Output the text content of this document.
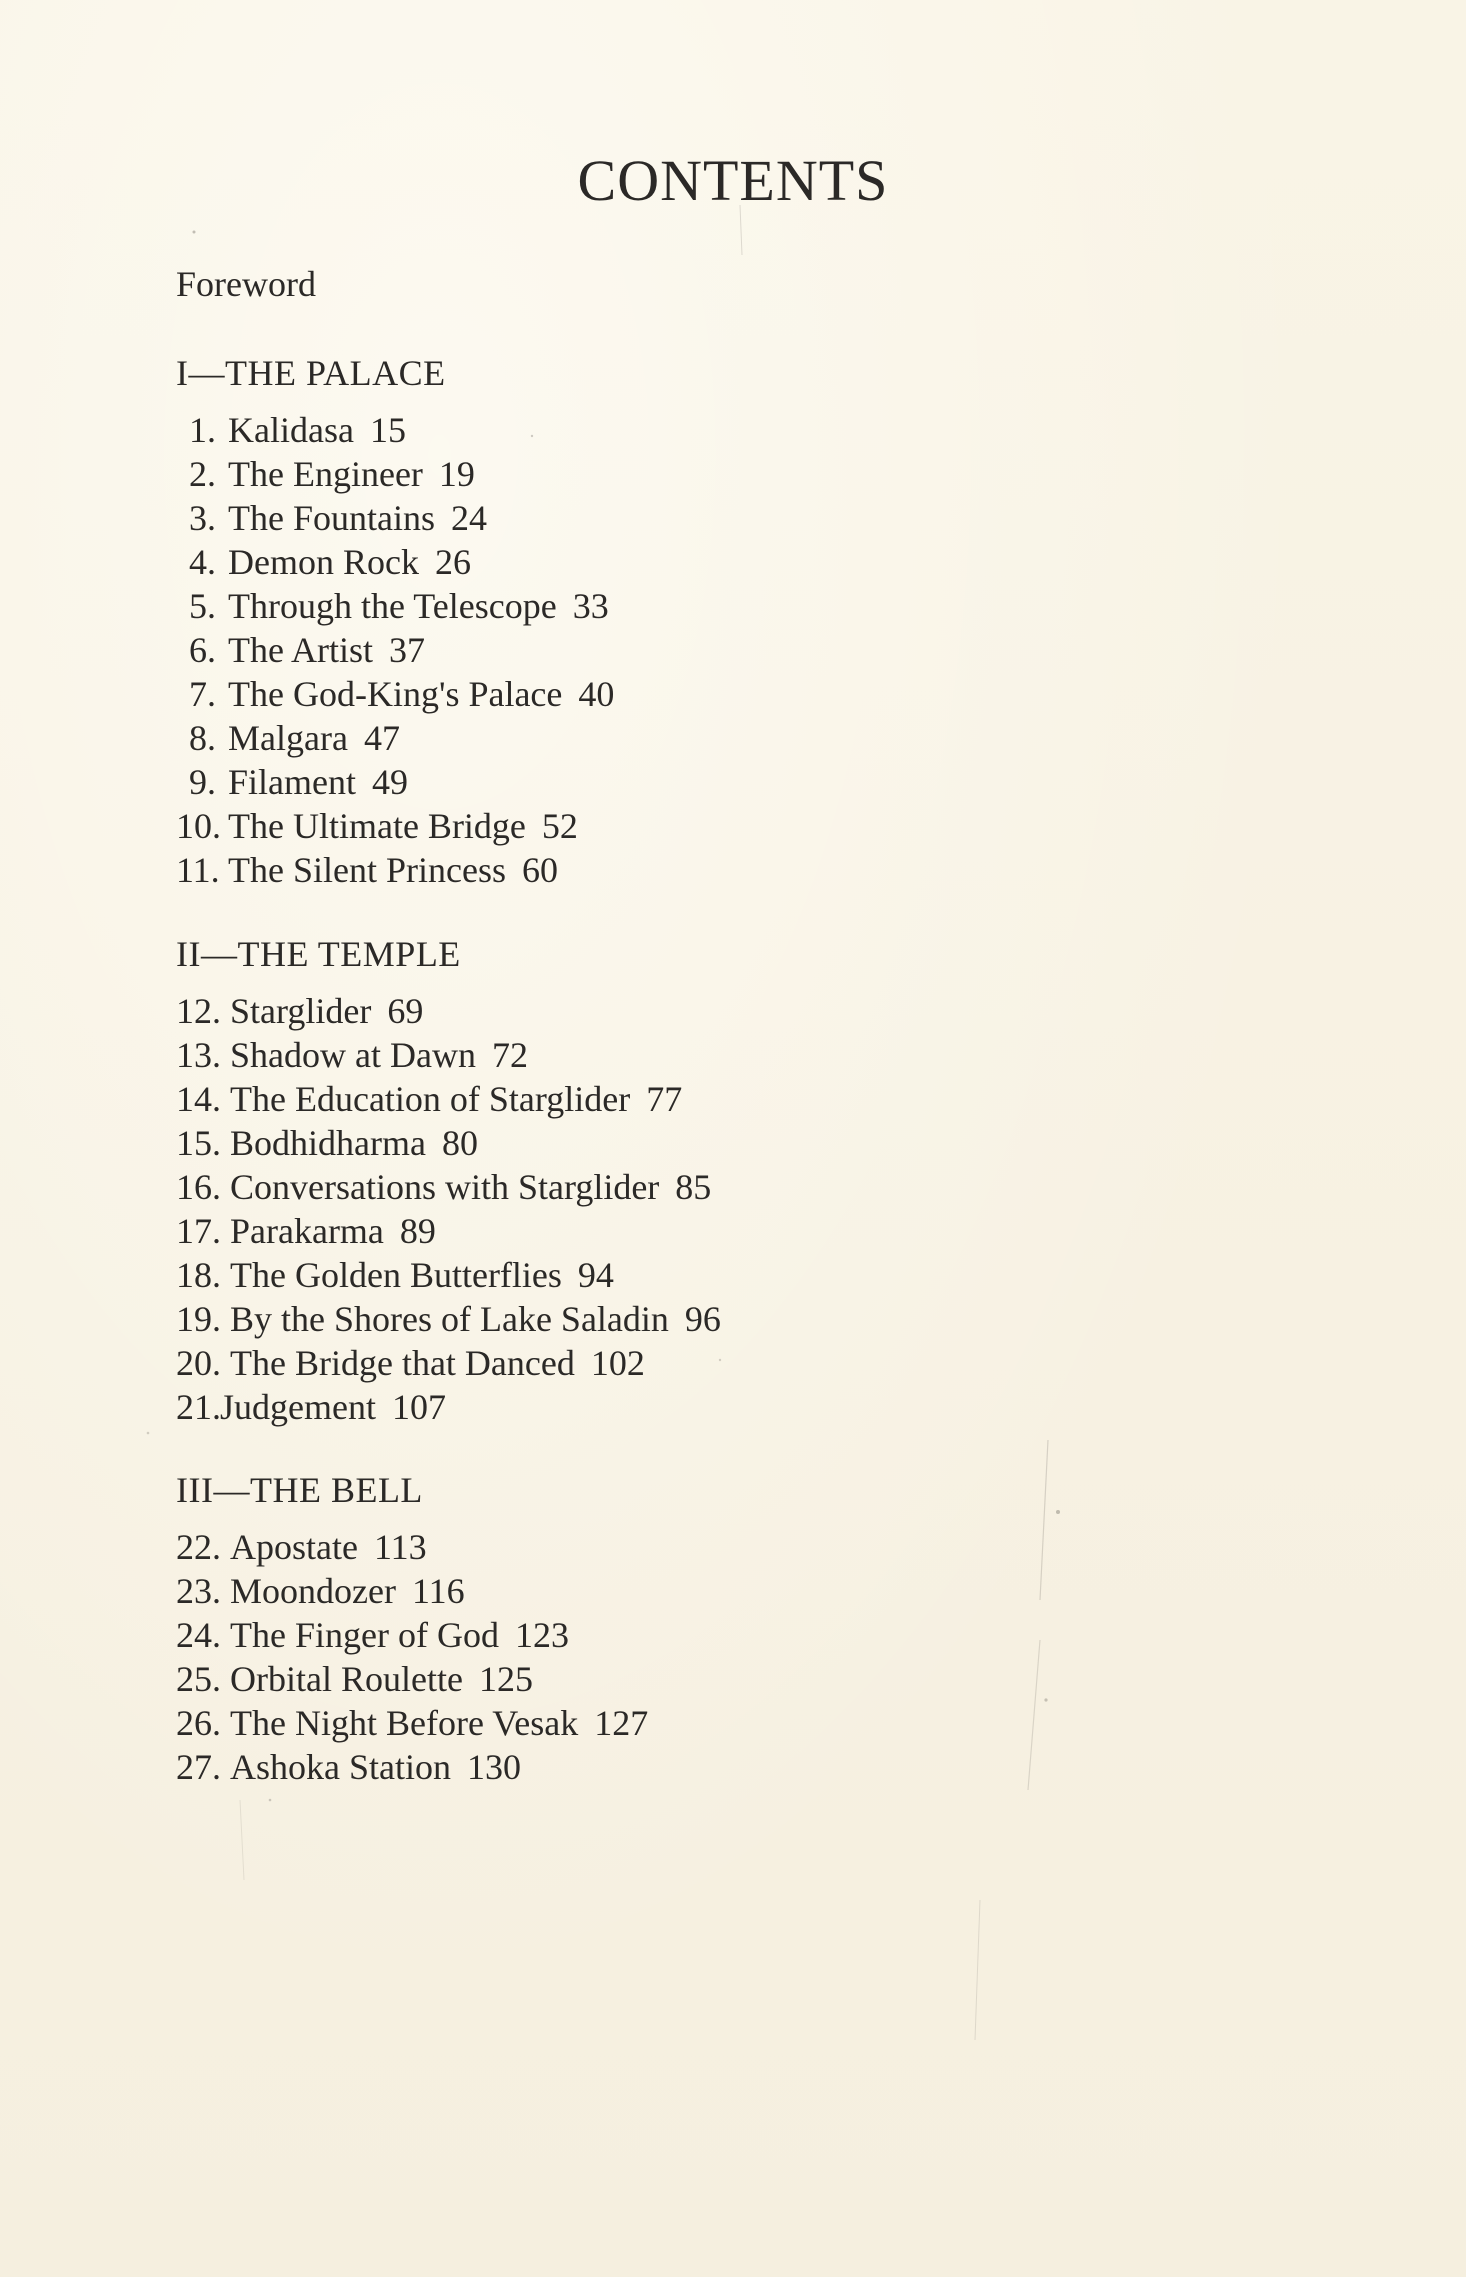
CONTENTS
Foreword
I—THE PALACE
1. Kalidasa 15
2. The Engineer 19
3. The Fountains 24
4. Demon Rock 26
5. Through the Telescope 33
6. The Artist 37
7. The God-King's Palace 40
8. Malgara 47
9. Filament 49
10. The Ultimate Bridge 52
11. The Silent Princess 60
II—THE TEMPLE
12. Starglider 69
13. Shadow at Dawn 72
14. The Education of Starglider 77
15. Bodhidharma 80
16. Conversations with Starglider 85
17. Parakarma 89
18. The Golden Butterflies 94
19. By the Shores of Lake Saladin 96
20. The Bridge that Danced 102
21.Judgement 107
III—THE BELL
22. Apostate 113
23. Moondozer 116
24. The Finger of God 123
25. Orbital Roulette 125
26. The Night Before Vesak 127
27. Ashoka Station 130
